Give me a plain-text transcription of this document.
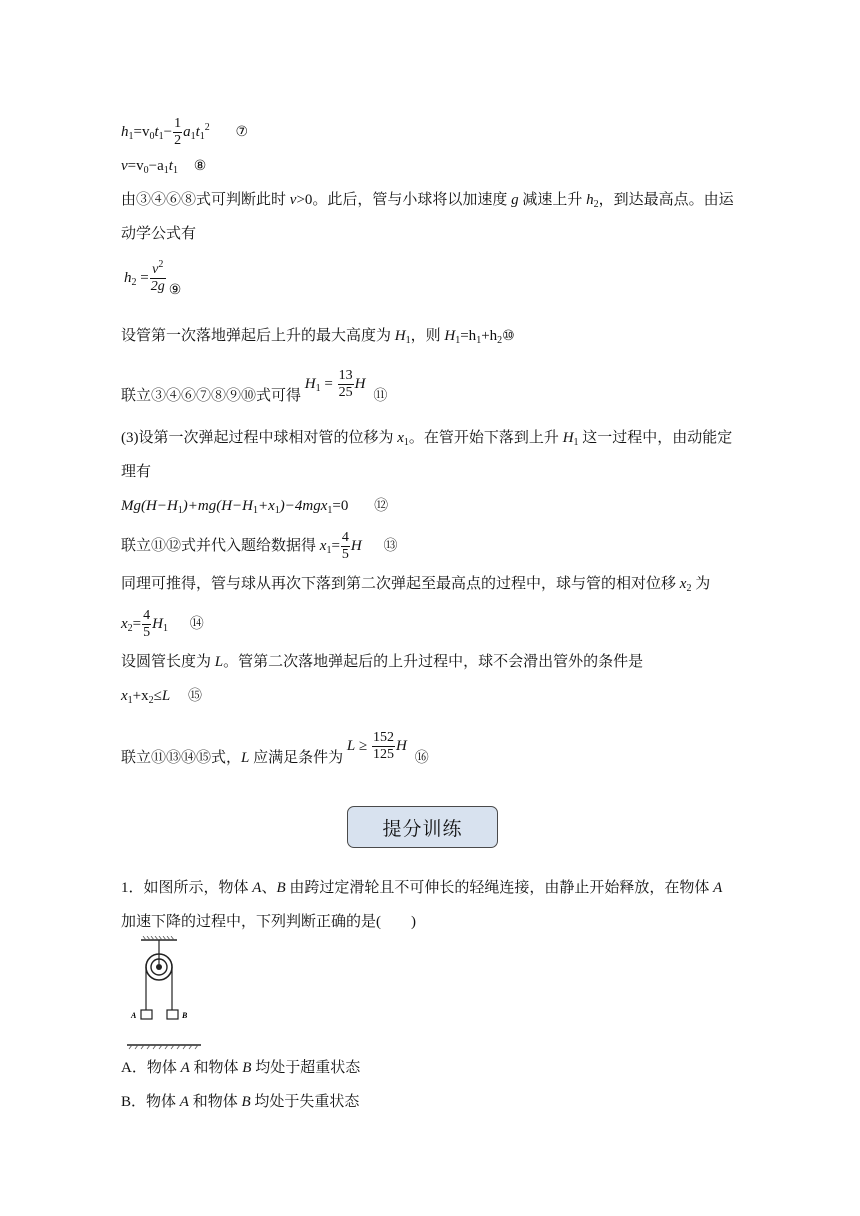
$h_1=v_0t_1- \frac{1}{2} a_1t_1^2$ ⑦
$v=v_0-a_1t_1$ ⑧
由③④⑥⑧式可判断此时 v>0。此后，管与小球将以加速度 g 减速上升 $h_2$，到达最高点。由运
动学公式有
$h_2 = \frac{v^2}{2g}$ ⑨
设管第一次落地弹起后上升的最大高度为 $H_1$，则 $H_1=h_1+h_2⑩$
联立③④⑥⑦⑧⑨⑩式可得 $H_1 = \frac{13}{25}$ H⑪
(3)设第一次弹起过程中球相对管的位移为 $x_1$。在管开始下落到上升 $H_1$ 这一过程中，由动能定
理有
$Mg(H-H_1)+mg(H-H_1+x_1)-4mgx_1=0$ ⑫
联立⑪⑫式并代入题给数据得 $x_1= \frac{4}{5}$ H ⑬
同理可推得，管与球从再次下落到第二次弹起至最高点的过程中，球与管的相对位移 $x_2$ 为
$x_2= \frac{4}{5} H_1$ ⑭
设圆管长度为 L。管第二次落地弹起后的上升过程中，球不会滑出管外的条件是
$x_1+x_2\le L$ ⑮
联立⑪⑬⑭⑮式，L 应满足条件为 $L \ge \frac{152}{125}$ H⑯
提分训练
1．如图所示，物体 A、B 由跨过定滑轮且不可伸长的轻绳连接，由静止开始释放，在物体 A
加速下降的过程中，下列判断正确的是(　　)
A	B
A．物体 A 和物体 B 均处于超重状态
B．物体 A 和物体 B 均处于失重状态
